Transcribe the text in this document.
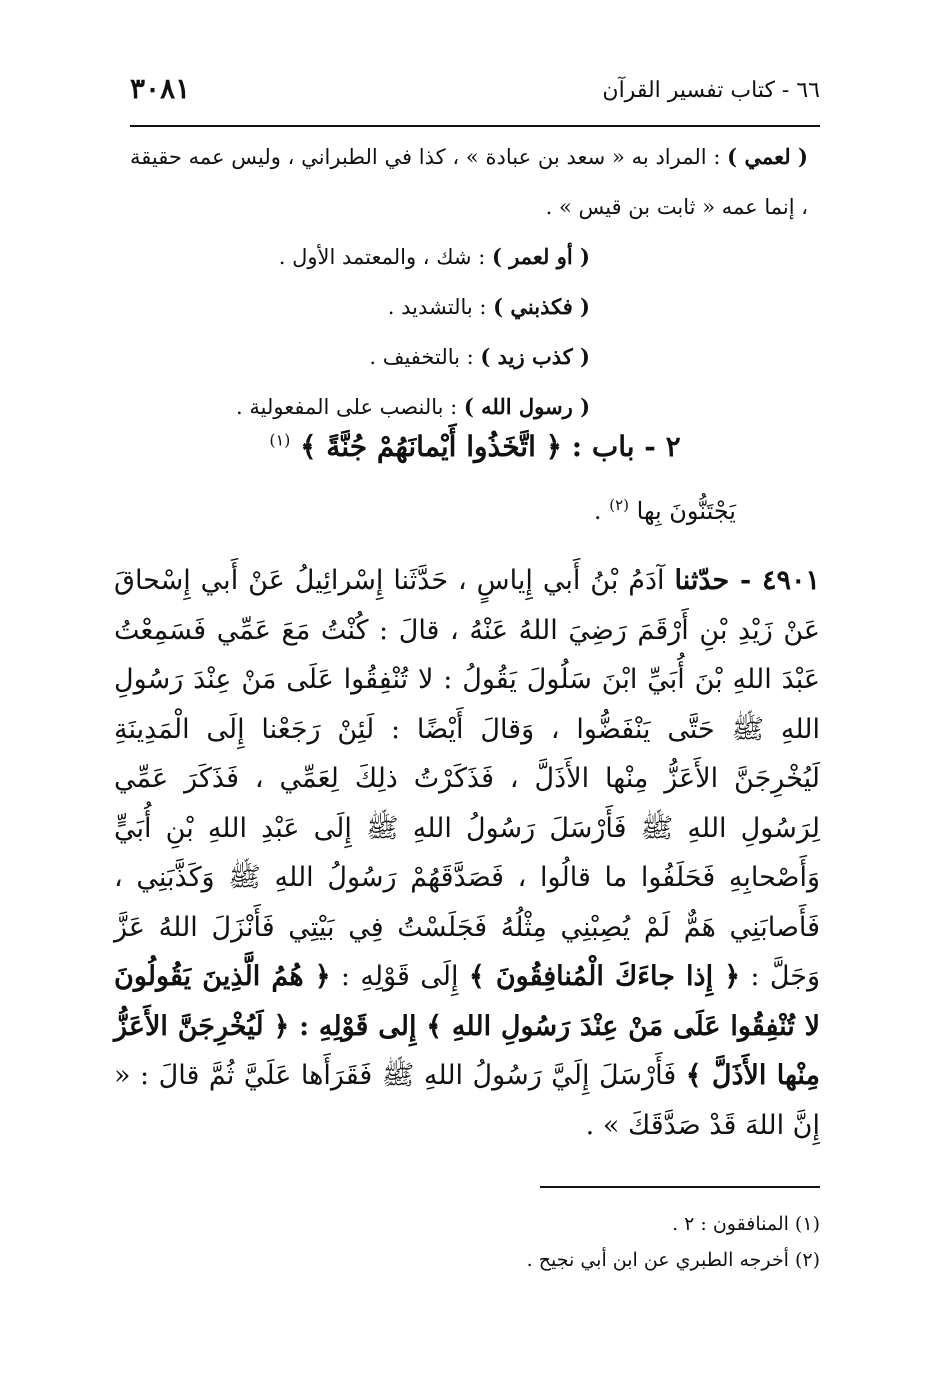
٣٠٨١	٦٦ - كتاب تفسير القرآن

( لعمي ) : المراد به « سعد بن عبادة » ، كذا في الطبراني ، وليس عمه حقيقة ، إنما عمه « ثابت بن قيس » .

( أو لعمر ) : شك ، والمعتمد الأول .

( فكذبني ) : بالتشديد .

( كذب زيد ) : بالتخفيف .

( رسول الله ) : بالنصب على المفعولية .

٢ - باب : ﴿ اتَّخَذُوا أَيْمانَهُمْ جُنَّةً ﴾ $^{(١)}$
يَجْتَنُّونَ بِها $^{(٢)}$ .

٤٩٠١ - حدّثنا آدَمُ بْنُ أَبي إِياسٍ ، حَدَّثَنا إِسْرائِيلُ عَنْ أَبي إِسْحاقَ عَنْ زَيْدِ بْنِ أَرْقَمَ رَضِيَ اللهُ عَنْهُ ، قالَ : كُنْتُ مَعَ عَمِّي فَسَمِعْتُ عَبْدَ اللهِ بْنَ أُبَيِّ ابْنَ سَلُولَ يَقُولُ : لا تُنْفِقُوا عَلَى مَنْ عِنْدَ رَسُولِ اللهِ ﷺ حَتَّى يَنْفَضُّوا ، وَقالَ أَيْضًا : لَئِنْ رَجَعْنا إِلَى الْمَدِينَةِ لَيُخْرِجَنَّ الأَعَزُّ مِنْها الأَذَلَّ ، فَذَكَرْتُ ذلِكَ لِعَمِّي ، فَذَكَرَ عَمِّي لِرَسُولِ اللهِ ﷺ فَأَرْسَلَ رَسُولُ اللهِ ﷺ إِلَى عَبْدِ اللهِ بْنِ أُبَيٍّ وَأَصْحابِهِ فَحَلَفُوا ما قالُوا ، فَصَدَّقَهُمْ رَسُولُ اللهِ ﷺ وَكَذَّبَنِي ، فَأَصابَنِي هَمٌّ لَمْ يُصِبْنِي مِثْلُهُ فَجَلَسْتُ فِي بَيْتِي فَأَنْزَلَ اللهُ عَزَّ وَجَلَّ : ﴿ إِذا جاءَكَ الْمُنافِقُونَ ﴾ إِلَى قَوْلِهِ : ﴿ هُمُ الَّذِينَ يَقُولُونَ لا تُنْفِقُوا عَلَى مَنْ عِنْدَ رَسُولِ اللهِ ﴾ إِلى قَوْلِهِ : ﴿ لَيُخْرِجَنَّ الأَعَزُّ مِنْها الأَذَلَّ ﴾ فَأَرْسَلَ إِلَيَّ رَسُولُ اللهِ ﷺ فَقَرَأَها عَلَيَّ ثُمَّ قالَ : « إِنَّ اللهَ قَدْ صَدَّقَكَ » .

(١) المنافقون : ٢ .

(٢) أخرجه الطبري عن ابن أبي نجيح .
